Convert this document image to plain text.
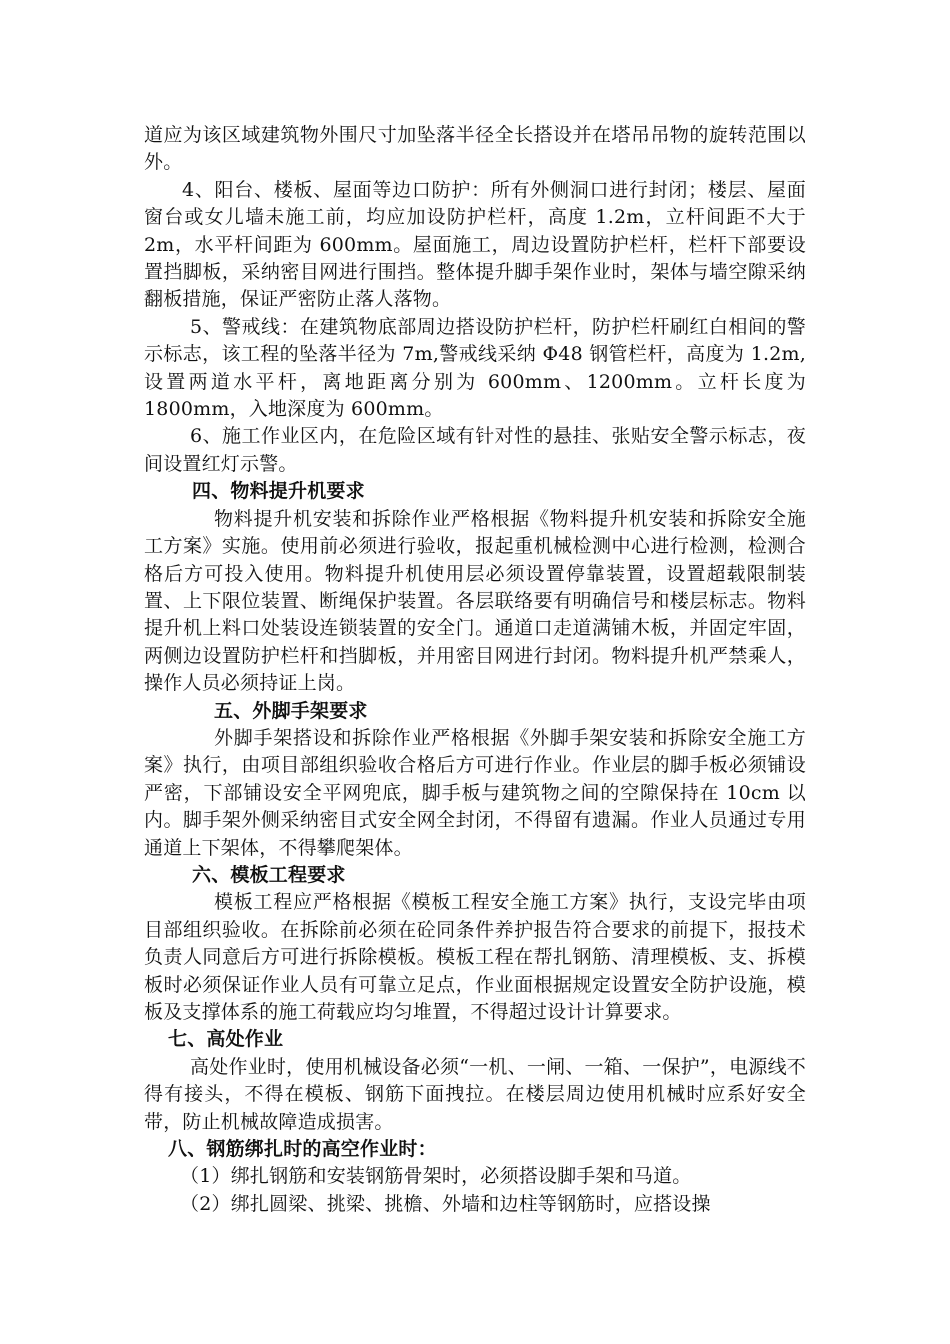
道应为该区域建筑物外围尺寸加坠落半径全长搭设并在塔吊吊物的旋转范围以外。

4、阳台、楼板、屋面等边口防护：所有外侧洞口进行封闭；楼层、屋面窗台或女儿墙未施工前，均应加设防护栏杆，高度 1.2m，立杆间距不大于 2m，水平杆间距为 600mm。屋面施工，周边设置防护栏杆，栏杆下部要设置挡脚板，采纳密目网进行围挡。整体提升脚手架作业时，架体与墙空隙采纳翻板措施，保证严密防止落人落物。

5、警戒线：在建筑物底部周边搭设防护栏杆，防护栏杆刷红白相间的警示标志，该工程的坠落半径为 7m,警戒线采纳 Φ48 钢管栏杆，高度为 1.2m,设置两道水平杆，离地距离分别为 600mm、1200mm。立杆长度为 1800mm，入地深度为 600mm。

6、施工作业区内，在危险区域有针对性的悬挂、张贴安全警示标志，夜间设置红灯示警。

四、物料提升机要求

物料提升机安装和拆除作业严格根据《物料提升机安装和拆除安全施工方案》实施。使用前必须进行验收，报起重机械检测中心进行检测，检测合格后方可投入使用。物料提升机使用层必须设置停靠装置，设置超载限制装置、上下限位装置、断绳保护装置。各层联络要有明确信号和楼层标志。物料提升机上料口处装设连锁装置的安全门。通道口走道满铺木板，并固定牢固，两侧边设置防护栏杆和挡脚板，并用密目网进行封闭。物料提升机严禁乘人，操作人员必须持证上岗。

五、外脚手架要求

外脚手架搭设和拆除作业严格根据《外脚手架安装和拆除安全施工方案》执行，由项目部组织验收合格后方可进行作业。作业层的脚手板必须铺设严密，下部铺设安全平网兜底，脚手板与建筑物之间的空隙保持在 10cm 以内。脚手架外侧采纳密目式安全网全封闭，不得留有遗漏。作业人员通过专用通道上下架体，不得攀爬架体。

六、模板工程要求

模板工程应严格根据《模板工程安全施工方案》执行，支设完毕由项目部组织验收。在拆除前必须在砼同条件养护报告符合要求的前提下，报技术负责人同意后方可进行拆除模板。模板工程在帮扎钢筋、清理模板、支、拆模板时必须保证作业人员有可靠立足点，作业面根据规定设置安全防护设施，模板及支撑体系的施工荷载应均匀堆置，不得超过设计计算要求。

七、高处作业

高处作业时，使用机械设备必须“一机、一闸、一箱、一保护”，电源线不得有接头，不得在模板、钢筋下面拽拉。在楼层周边使用机械时应系好安全带，防止机械故障造成损害。

八、钢筋绑扎时的高空作业时：

（1）绑扎钢筋和安装钢筋骨架时，必须搭设脚手架和马道。

（2）绑扎圆梁、挑梁、挑檐、外墙和边柱等钢筋时，应搭设操
